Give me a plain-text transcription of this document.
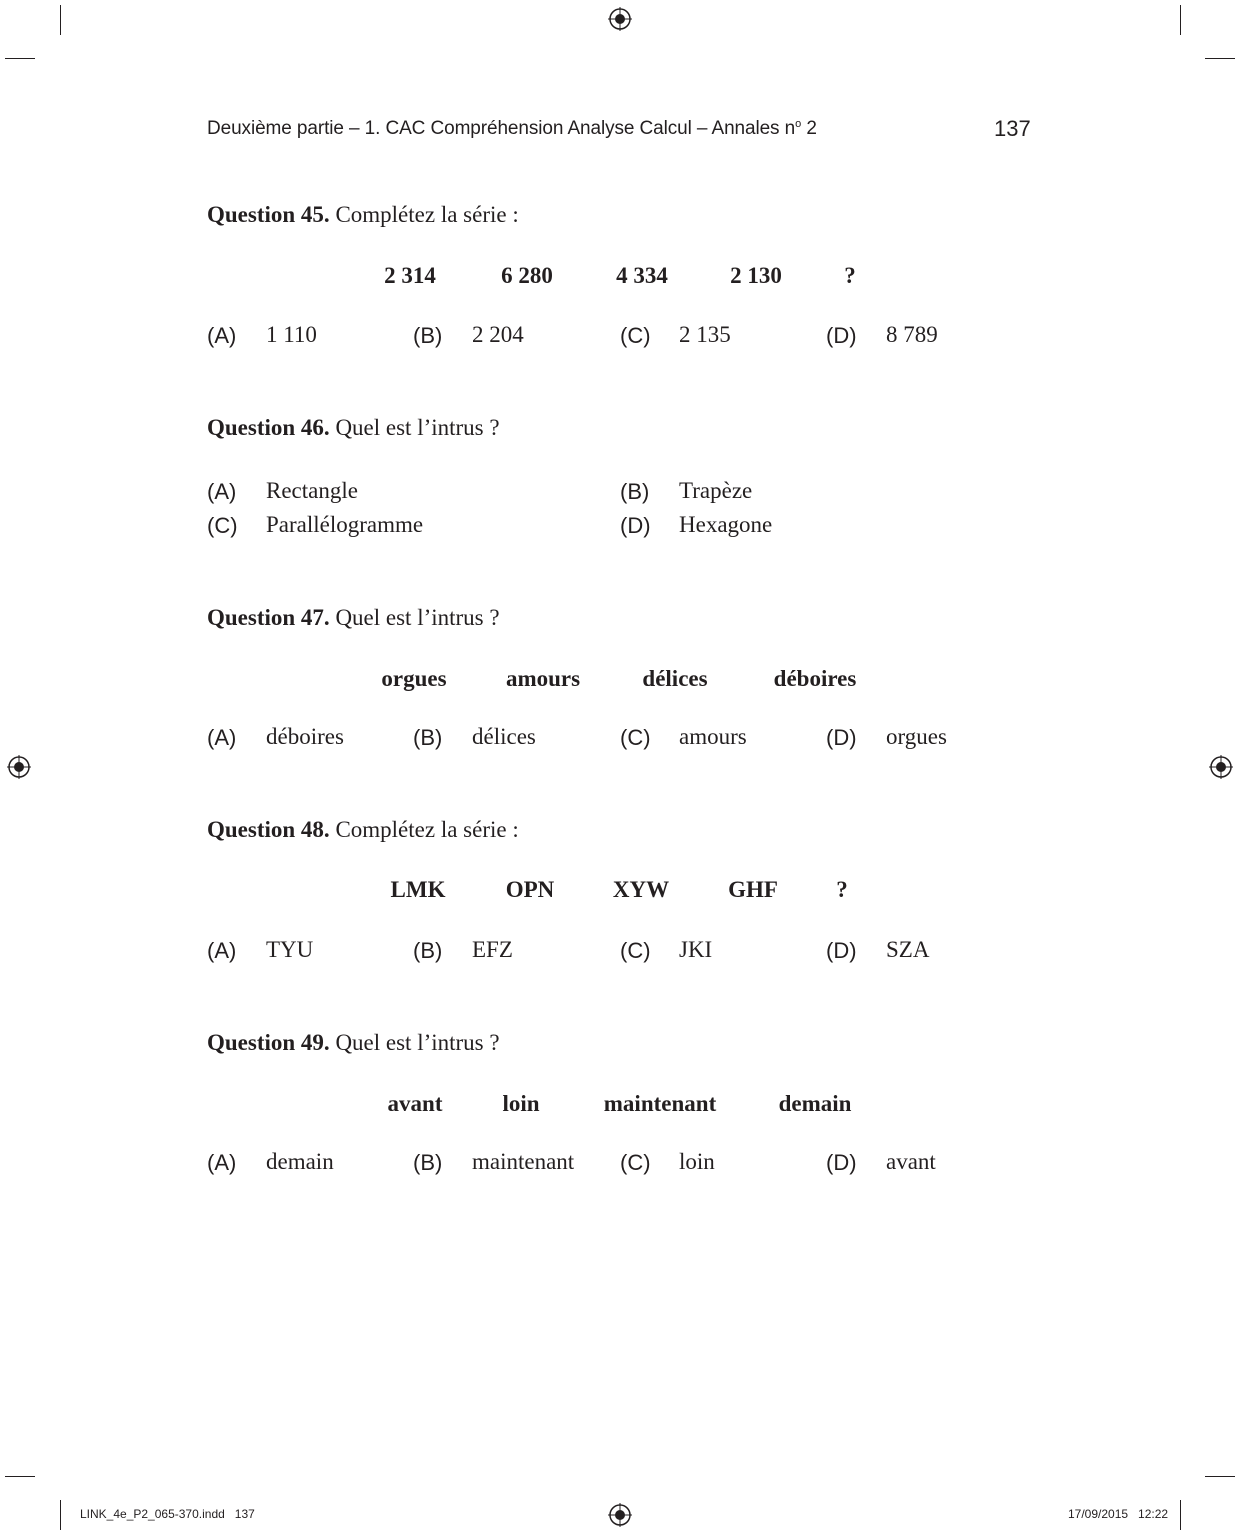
Deuxième partie – 1. CAC Compréhension Analyse Calcul – Annales $n^o$ 2	137
Question 45. Complétez la série :
2 314	6 280	4 334	2 130	?
(A) 1 110	(B) 2 204	(C) 2 135	(D) 8 789
Question 46. Quel est l’intrus ?
(A) Rectangle	(B) Trapèze
(C) Parallélogramme	(D) Hexagone
Question 47. Quel est l’intrus ?
orgues	amours	délices	déboires
(A) déboires	(B) délices	(C) amours	(D) orgues
Question 48. Complétez la série :
LMK	OPN	XYW	GHF	?
(A) TYU	(B) EFZ	(C) JKI	(D) SZA
Question 49. Quel est l’intrus ?
avant	loin	maintenant	demain
(A) demain	(B) maintenant (C) loin	(D) avant
LINK_4e_P2_065-370.indd   137	17/09/2015   12:22
